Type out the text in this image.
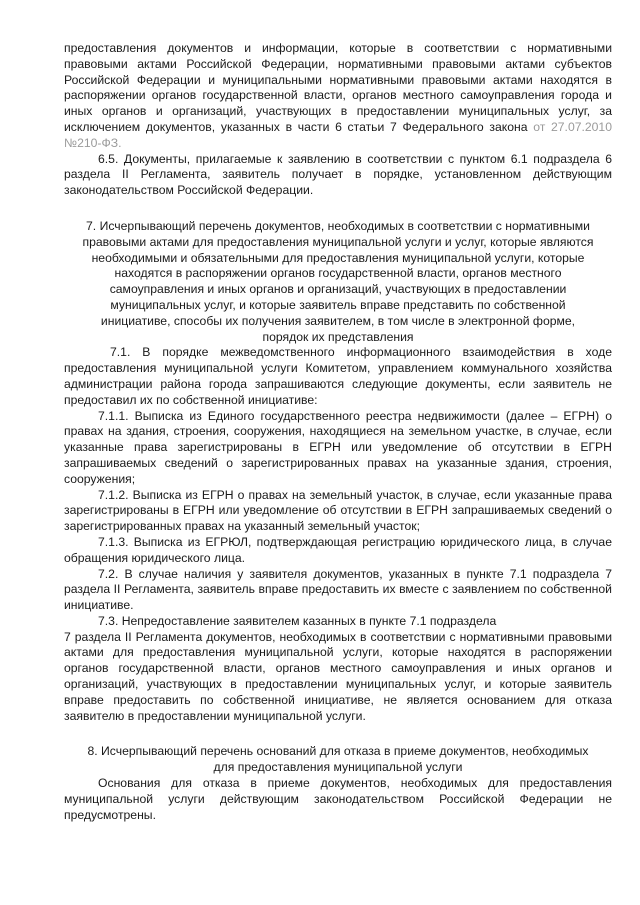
предоставления документов и информации, которые в соответствии с нормативными правовыми актами Российской Федерации, нормативными правовыми актами субъектов Российской Федерации и муниципальными нормативными правовыми актами находятся в распоряжении органов государственной власти, органов местного самоуправления города и иных органов и организаций, участвующих в предоставлении муниципальных услуг, за исключением документов, указанных в части 6 статьи 7 Федерального закона от 27.07.2010 №210-ФЗ.

6.5. Документы, прилагаемые к заявлению в соответствии с пунктом 6.1 подраздела 6 раздела II Регламента, заявитель получает в порядке, установленном действующим законодательством Российской Федерации.

7. Исчерпывающий перечень документов, необходимых в соответствии с нормативными правовыми актами для предоставления муниципальной услуги и услуг, которые являются необходимыми и обязательными для предоставления муниципальной услуги, которые находятся в распоряжении органов государственной власти, органов местного самоуправления и иных органов и организаций, участвующих в предоставлении муниципальных услуг, и которые заявитель вправе представить по собственной инициативе, способы их получения заявителем, в том числе в электронной форме, порядок их представления

7.1. В порядке межведомственного информационного взаимодействия в ходе предоставления муниципальной услуги Комитетом, управлением коммунального хозяйства администрации района города запрашиваются следующие документы, если заявитель не предоставил их по собственной инициативе:

7.1.1. Выписка из Единого государственного реестра недвижимости (далее – ЕГРН) о правах на здания, строения, сооружения, находящиеся на земельном участке, в случае, если указанные права зарегистрированы в ЕГРН или уведомление об отсутствии в ЕГРН запрашиваемых сведений о зарегистрированных правах на указанные здания, строения, сооружения;

7.1.2. Выписка из ЕГРН о правах на земельный участок, в случае, если указанные права зарегистрированы в ЕГРН или уведомление об отсутствии в ЕГРН запрашиваемых сведений о зарегистрированных правах на указанный земельный участок;

7.1.3. Выписка из ЕГРЮЛ, подтверждающая регистрацию юридического лица, в случае обращения юридического лица.

7.2. В случае наличия у заявителя документов, указанных в пункте 7.1 подраздела 7 раздела II Регламента, заявитель вправе предоставить их вместе с заявлением по собственной инициативе.

7.3. Непредоставление заявителем казанных в пункте 7.1 подраздела

7 раздела II Регламента документов, необходимых в соответствии с нормативными правовыми актами для предоставления муниципальной услуги, которые находятся в распоряжении органов государственной власти, органов местного самоуправления и иных органов и организаций, участвующих в предоставлении муниципальных услуг, и которые заявитель вправе предоставить по собственной инициативе, не является основанием для отказа заявителю в предоставлении муниципальной услуги.

8. Исчерпывающий перечень оснований для отказа в приеме документов, необходимых для предоставления муниципальной услуги

Основания для отказа в приеме документов, необходимых для предоставления муниципальной услуги действующим законодательством Российской Федерации не предусмотрены.
